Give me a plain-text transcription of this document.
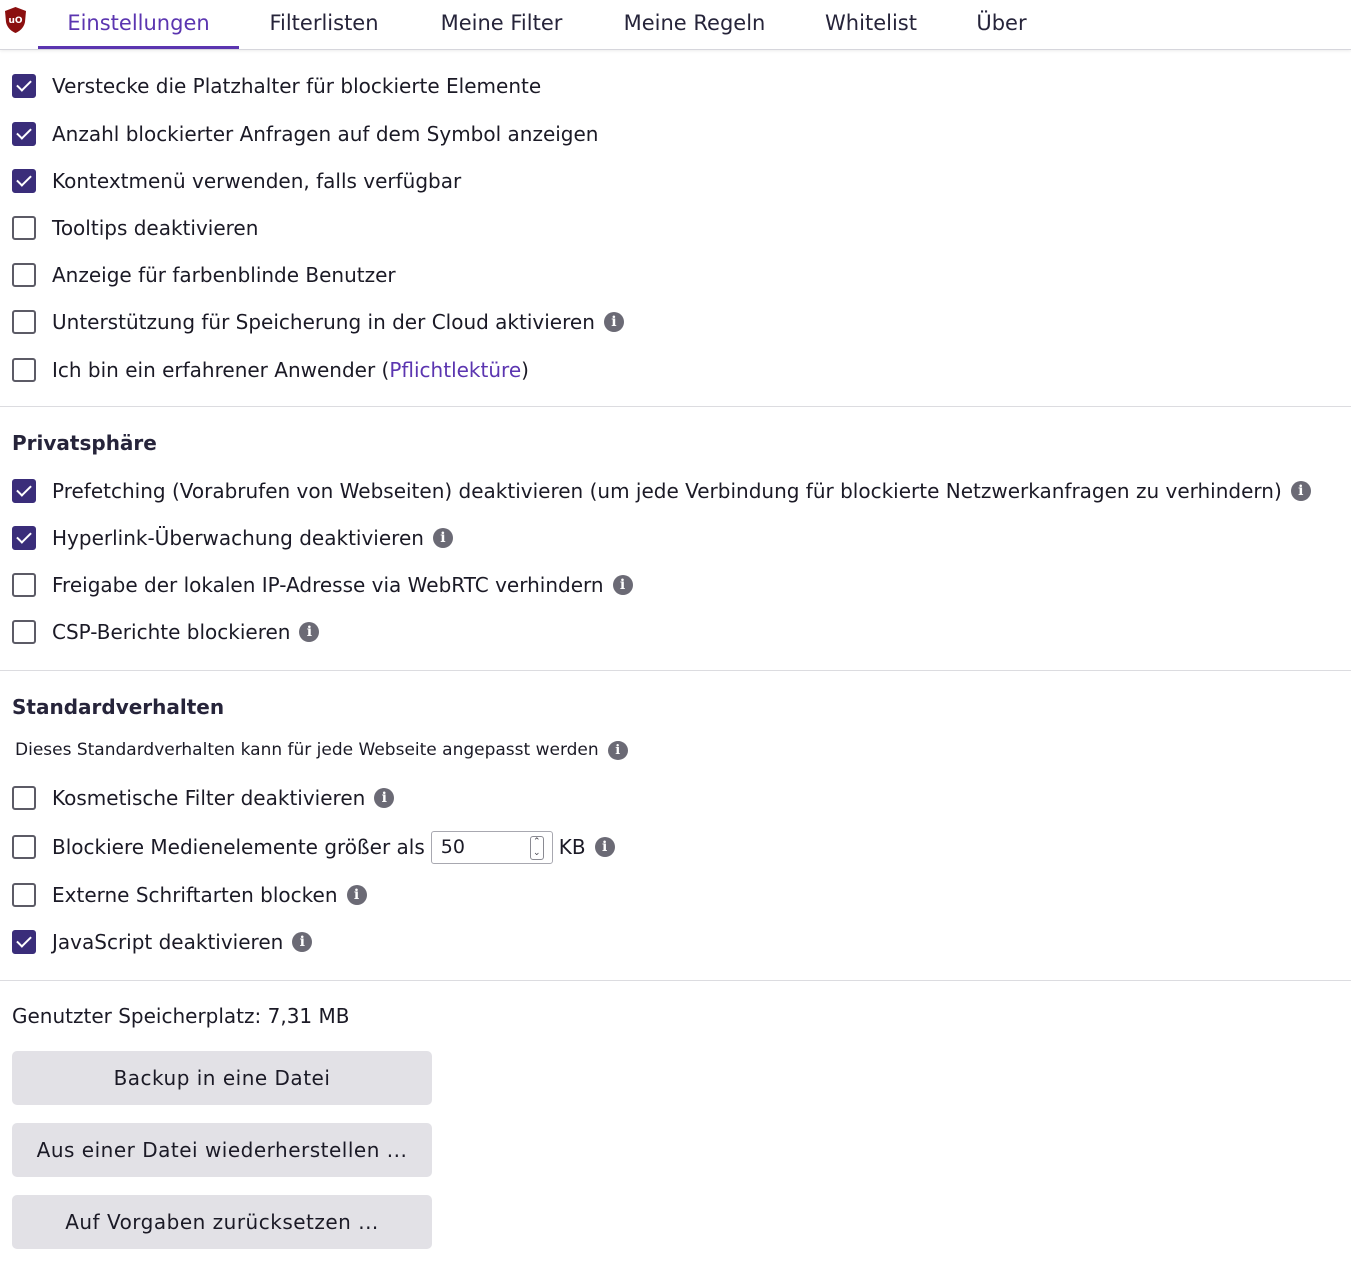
uO	Einstellungen	Filterlisten	Meine Filter	Meine Regeln	Whitelist	Über
Verstecke die Platzhalter für blockierte Elemente
Anzahl blockierter Anfragen auf dem Symbol anzeigen
Kontextmenü verwenden, falls verfügbar
Tooltips deaktivieren
Anzeige für farbenblinde Benutzer
Unterstützung für Speicherung in der Cloud aktivieren	i
Ich bin ein erfahrener Anwender ( Pflichtlektüre )
Privatsphäre
Prefetching (Vorabrufen von Webseiten) deaktivieren (um jede Verbindung für blockierte Netzwerkanfragen zu verhindern)	i
Hyperlink-Überwachung deaktivieren	i
Freigabe der lokalen IP-Adresse via WebRTC verhindern	i
CSP-Berichte blockieren	i
Standardverhalten
Dieses Standardverhalten kann für jede Webseite angepasst werden	i
Kosmetische Filter deaktivieren	i
Blockiere Medienelemente größer als 50	⌃
⌄ KB	i
Externe Schriftarten blocken	i
JavaScript deaktivieren	i
Genutzter Speicherplatz: 7,31 MB
Backup in eine Datei
Aus einer Datei wiederherstellen ...
Auf Vorgaben zurücksetzen ...
